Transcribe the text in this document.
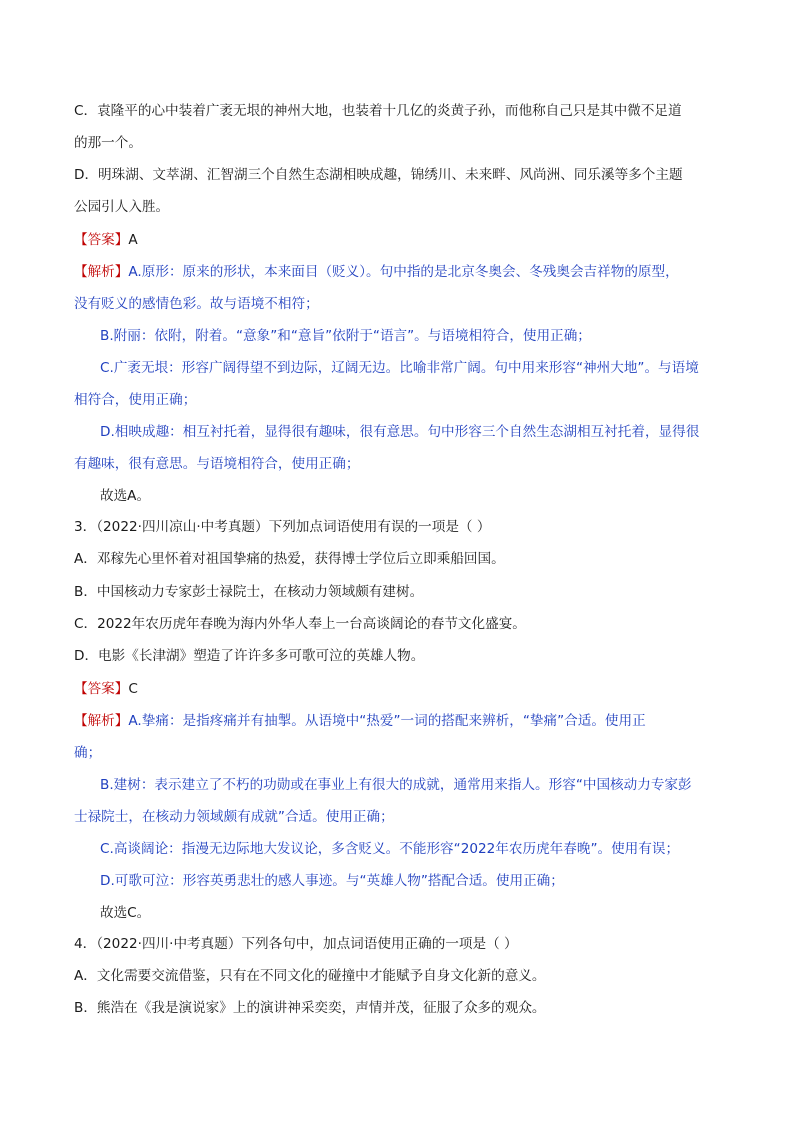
C．袁隆平的心中装着广袤无垠的神州大地，也装着十几亿的炎黄子孙，而他称自己只是其中微不足道

的那一个。

D．明珠湖、文萃湖、汇智湖三个自然生态湖相映成趣，锦绣川、未来畔、风尚洲、同乐溪等多个主题

公园引人入胜。

【答案】A

【解析】A.原形：原来的形状，本来面目（贬义）。句中指的是北京冬奥会、冬残奥会吉祥物的原型，

没有贬义的感情色彩。故与语境不相符；

B.附丽：依附，附着。“意象”和“意旨”依附于“语言”。与语境相符合，使用正确；

C.广袤无垠：形容广阔得望不到边际，辽阔无边。比喻非常广阔。句中用来形容“神州大地”。与语境

相符合，使用正确；

D.相映成趣：相互衬托着，显得很有趣味，很有意思。句中形容三个自然生态湖相互衬托着，显得很

有趣味，很有意思。与语境相符合，使用正确；

故选A。

3．（2022·四川凉山·中考真题）下列加点词语使用有误的一项是（ ）

A．邓稼先心里怀着对祖国挚痛的热爱，获得博士学位后立即乘船回国。

B．中国核动力专家彭士禄院士，在核动力领域颇有建树。

C．2022年农历虎年春晚为海内外华人奉上一台高谈阔论的春节文化盛宴。

D．电影《长津湖》塑造了许许多多可歌可泣的英雄人物。

【答案】C

【解析】A.挚痛：是指疼痛并有抽掣。从语境中“热爱”一词的搭配来辨析，“挚痛”合适。使用正

确；

B.建树：表示建立了不朽的功勋或在事业上有很大的成就，通常用来指人。形容“中国核动力专家彭

士禄院士，在核动力领域颇有成就”合适。使用正确；

C.高谈阔论：指漫无边际地大发议论，多含贬义。不能形容“2022年农历虎年春晚”。使用有误；

D.可歌可泣：形容英勇悲壮的感人事迹。与“英雄人物”搭配合适。使用正确；

故选C。

4．（2022·四川·中考真题）下列各句中，加点词语使用正确的一项是（ ）

A．文化需要交流借鉴，只有在不同文化的碰撞中才能赋予自身文化新的意义。

B．熊浩在《我是演说家》上的演讲神采奕奕，声情并茂，征服了众多的观众。
